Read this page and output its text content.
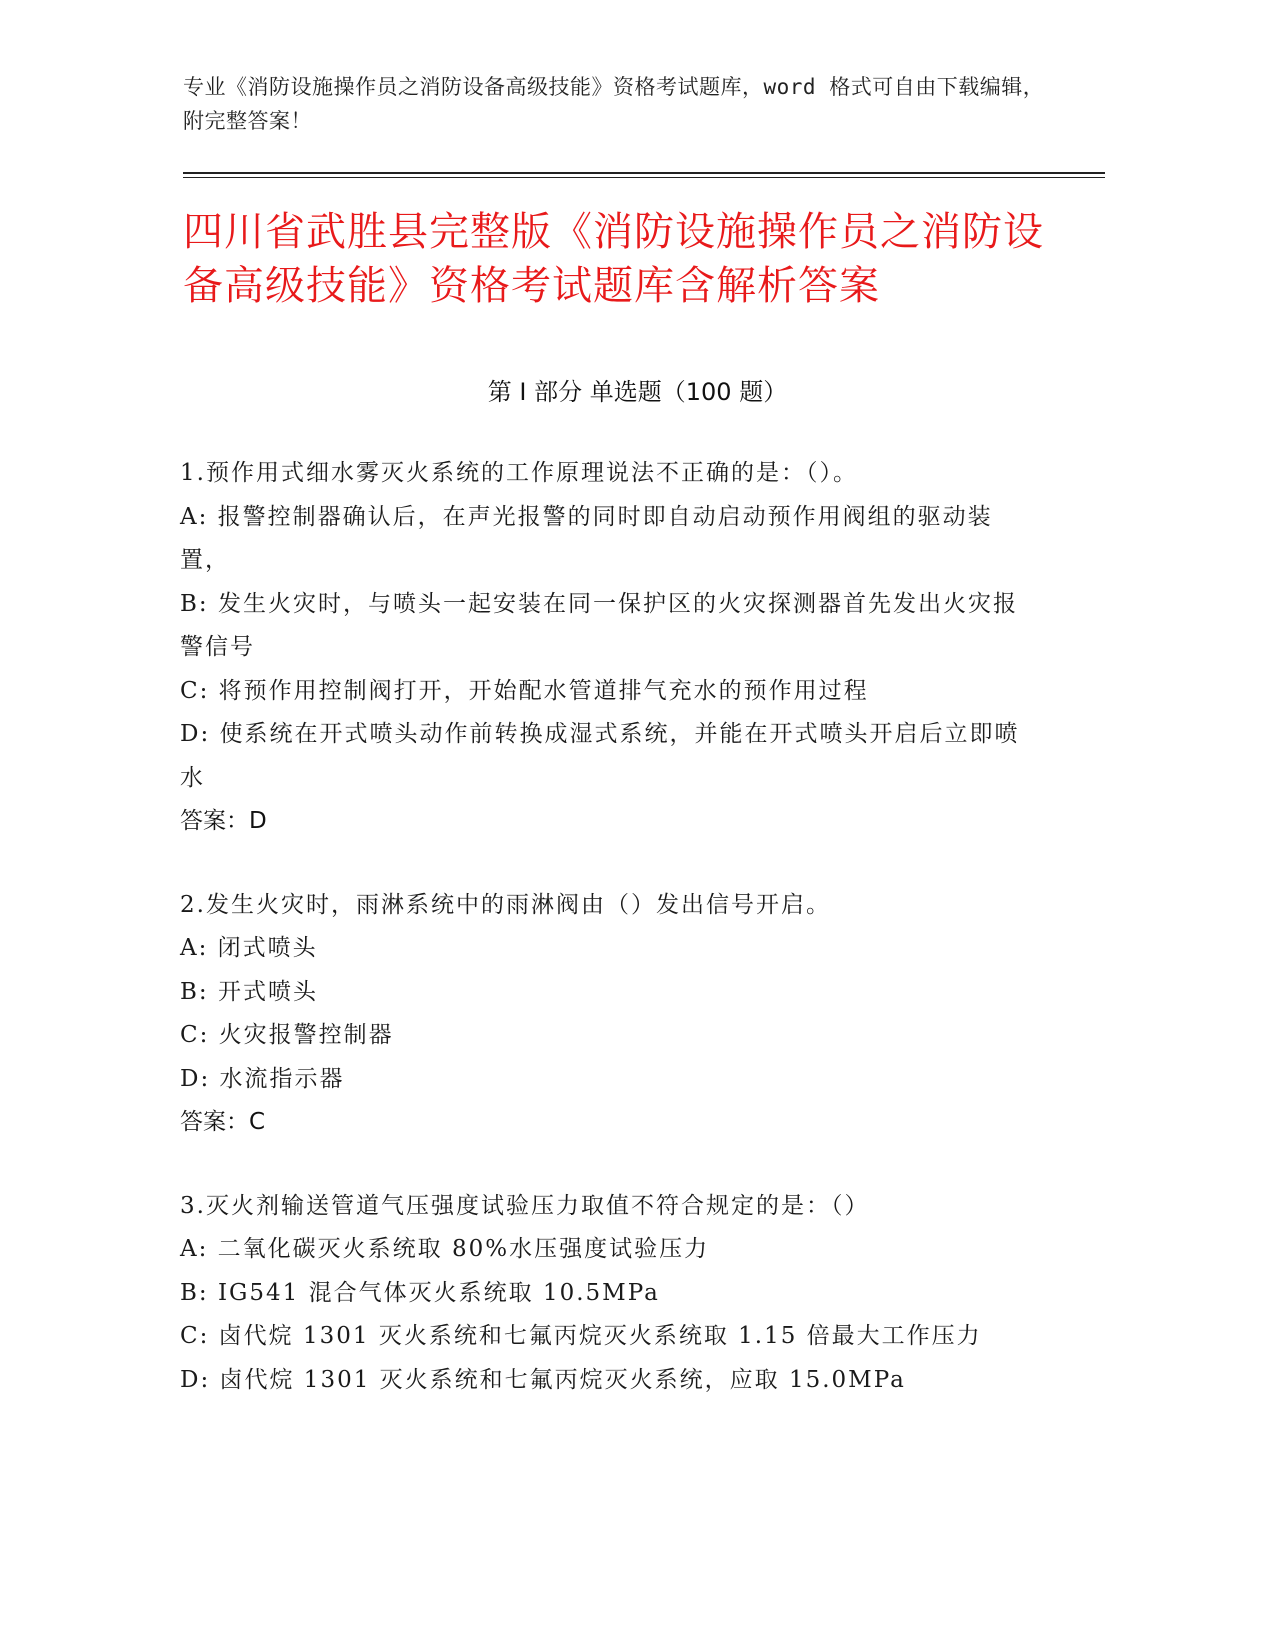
专业《消防设施操作员之消防设备高级技能》资格考试题库，word 格式可自由下载编辑，附完整答案！

四川省武胜县完整版《消防设施操作员之消防设备高级技能》资格考试题库含解析答案
第 I 部分 单选题（100 题）

1.预作用式细水雾灭火系统的工作原理说法不正确的是：（）。

A: 报警控制器确认后，在声光报警的同时即自动启动预作用阀组的驱动装置，

B: 发生火灾时，与喷头一起安装在同一保护区的火灾探测器首先发出火灾报警信号

C: 将预作用控制阀打开，开始配水管道排气充水的预作用过程

D: 使系统在开式喷头动作前转换成湿式系统，并能在开式喷头开启后立即喷水

答案：D

2.发生火灾时，雨淋系统中的雨淋阀由（）发出信号开启。

A: 闭式喷头

B: 开式喷头

C: 火灾报警控制器

D: 水流指示器

答案：C

3.灭火剂输送管道气压强度试验压力取值不符合规定的是：（）

A: 二氧化碳灭火系统取 80%水压强度试验压力

B: IG541 混合气体灭火系统取 10.5MPa

C: 卤代烷 1301 灭火系统和七氟丙烷灭火系统取 1.15 倍最大工作压力

D: 卤代烷 1301 灭火系统和七氟丙烷灭火系统，应取 15.0MPa
